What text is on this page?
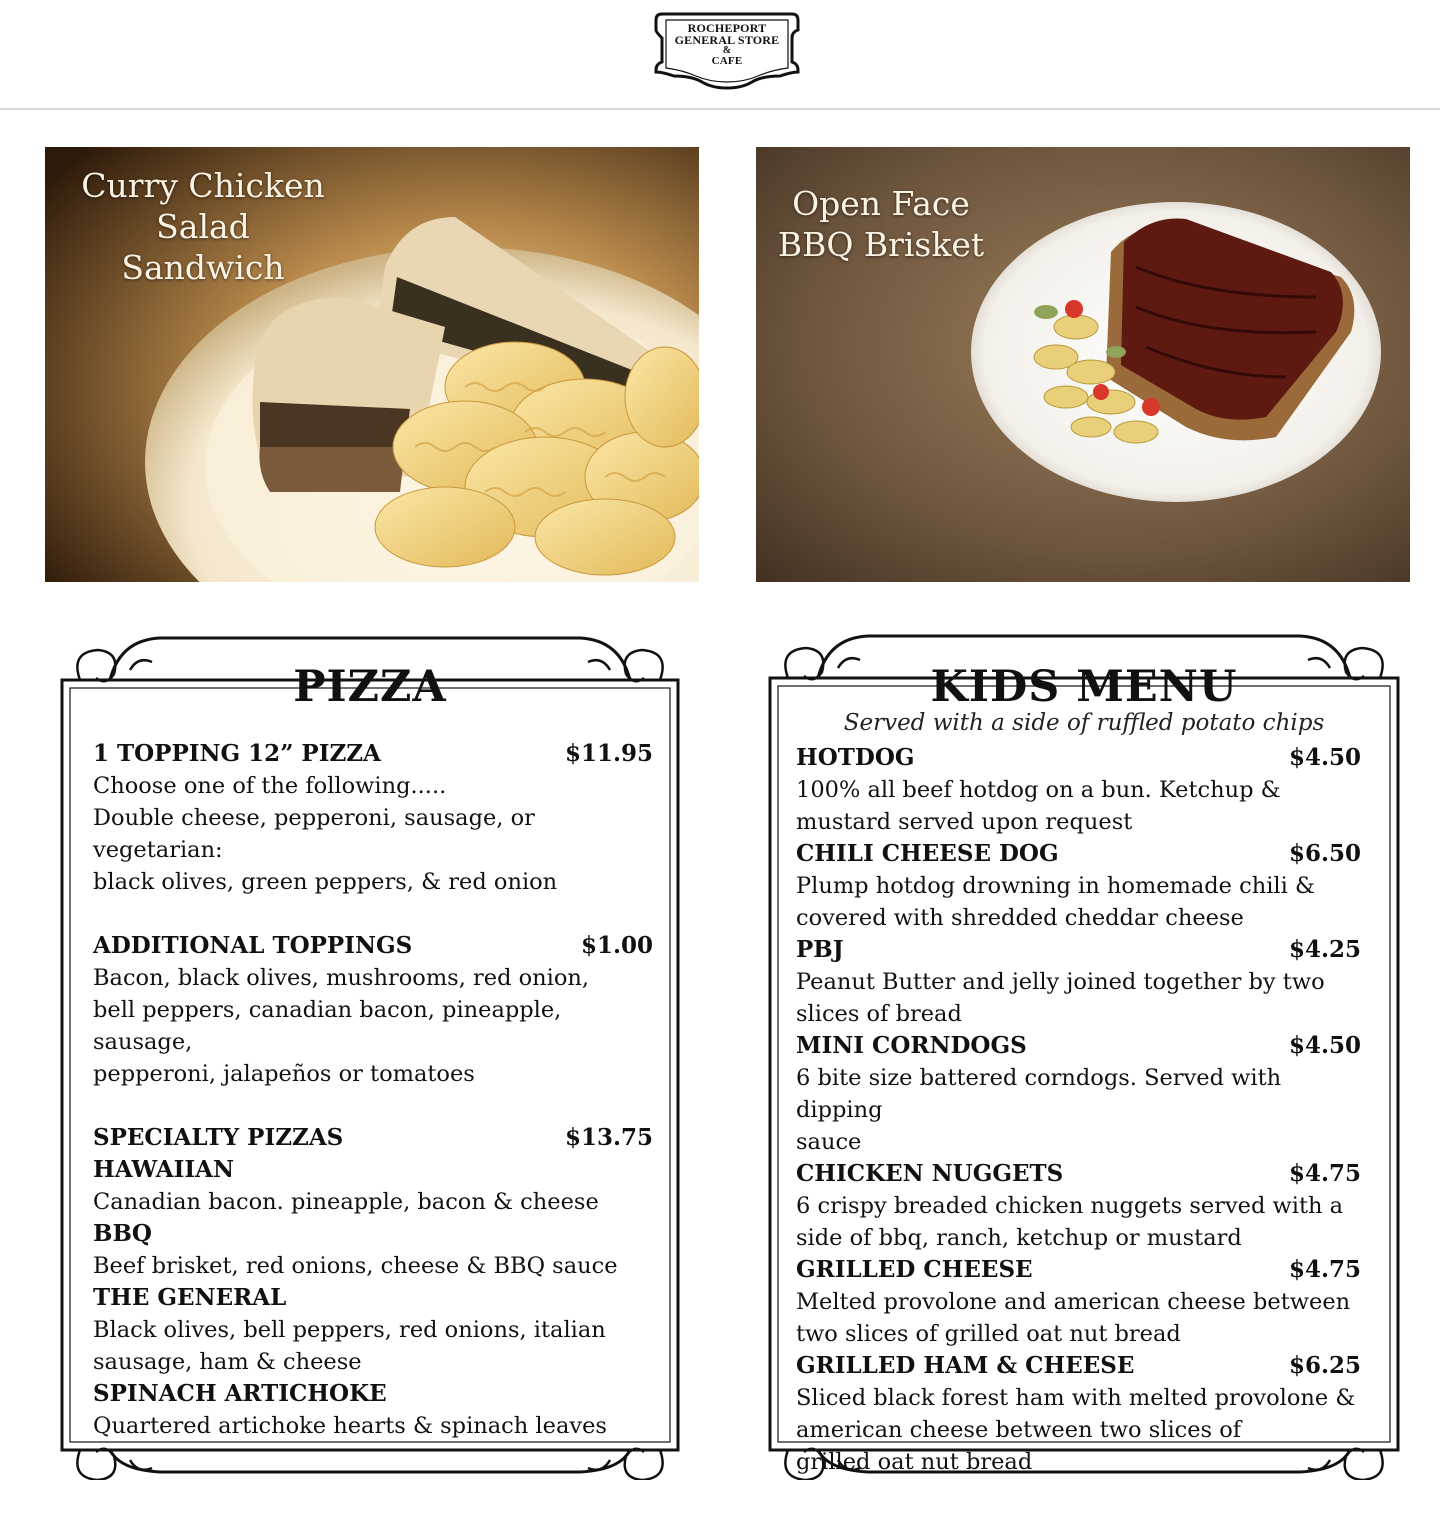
ROCHEPORT
GENERAL STORE
&
CAFE
Curry Chicken
Salad Sandwich
Open Face
BBQ Brisket
PIZZA
1 TOPPING 12” PIZZA	$11.95
Choose one of the following.....
Double cheese, pepperoni, sausage, or vegetarian:
black olives, green peppers, & red onion
ADDITIONAL TOPPINGS	$1.00
Bacon, black olives, mushrooms, red onion,
bell peppers, canadian bacon, pineapple, sausage,
pepperoni, jalapeños or tomatoes
SPECIALTY PIZZAS	$13.75
HAWAIIAN
Canadian bacon. pineapple, bacon & cheese
BBQ
Beef brisket, red onions, cheese & BBQ sauce
THE GENERAL
Black olives, bell peppers, red onions, italian
sausage, ham & cheese
SPINACH ARTICHOKE
Quartered artichoke hearts & spinach leaves
KIDS MENU
Served with a side of ruffled potato chips
HOTDOG	$4.50
100% all beef hotdog on a bun. Ketchup &
mustard served upon request
CHILI CHEESE DOG	$6.50
Plump hotdog drowning in homemade chili &
covered with shredded cheddar cheese
PBJ	$4.25
Peanut Butter and jelly joined together by two
slices of bread
MINI CORNDOGS	$4.50
6 bite size battered corndogs. Served with dipping
sauce
CHICKEN NUGGETS	$4.75
6 crispy breaded chicken nuggets served with a
side of bbq, ranch, ketchup or mustard
GRILLED CHEESE	$4.75
Melted provolone and american cheese between
two slices of grilled oat nut bread
GRILLED HAM & CHEESE	$6.25
Sliced black forest ham with melted provolone &
american cheese between two slices of
grilled oat nut bread
